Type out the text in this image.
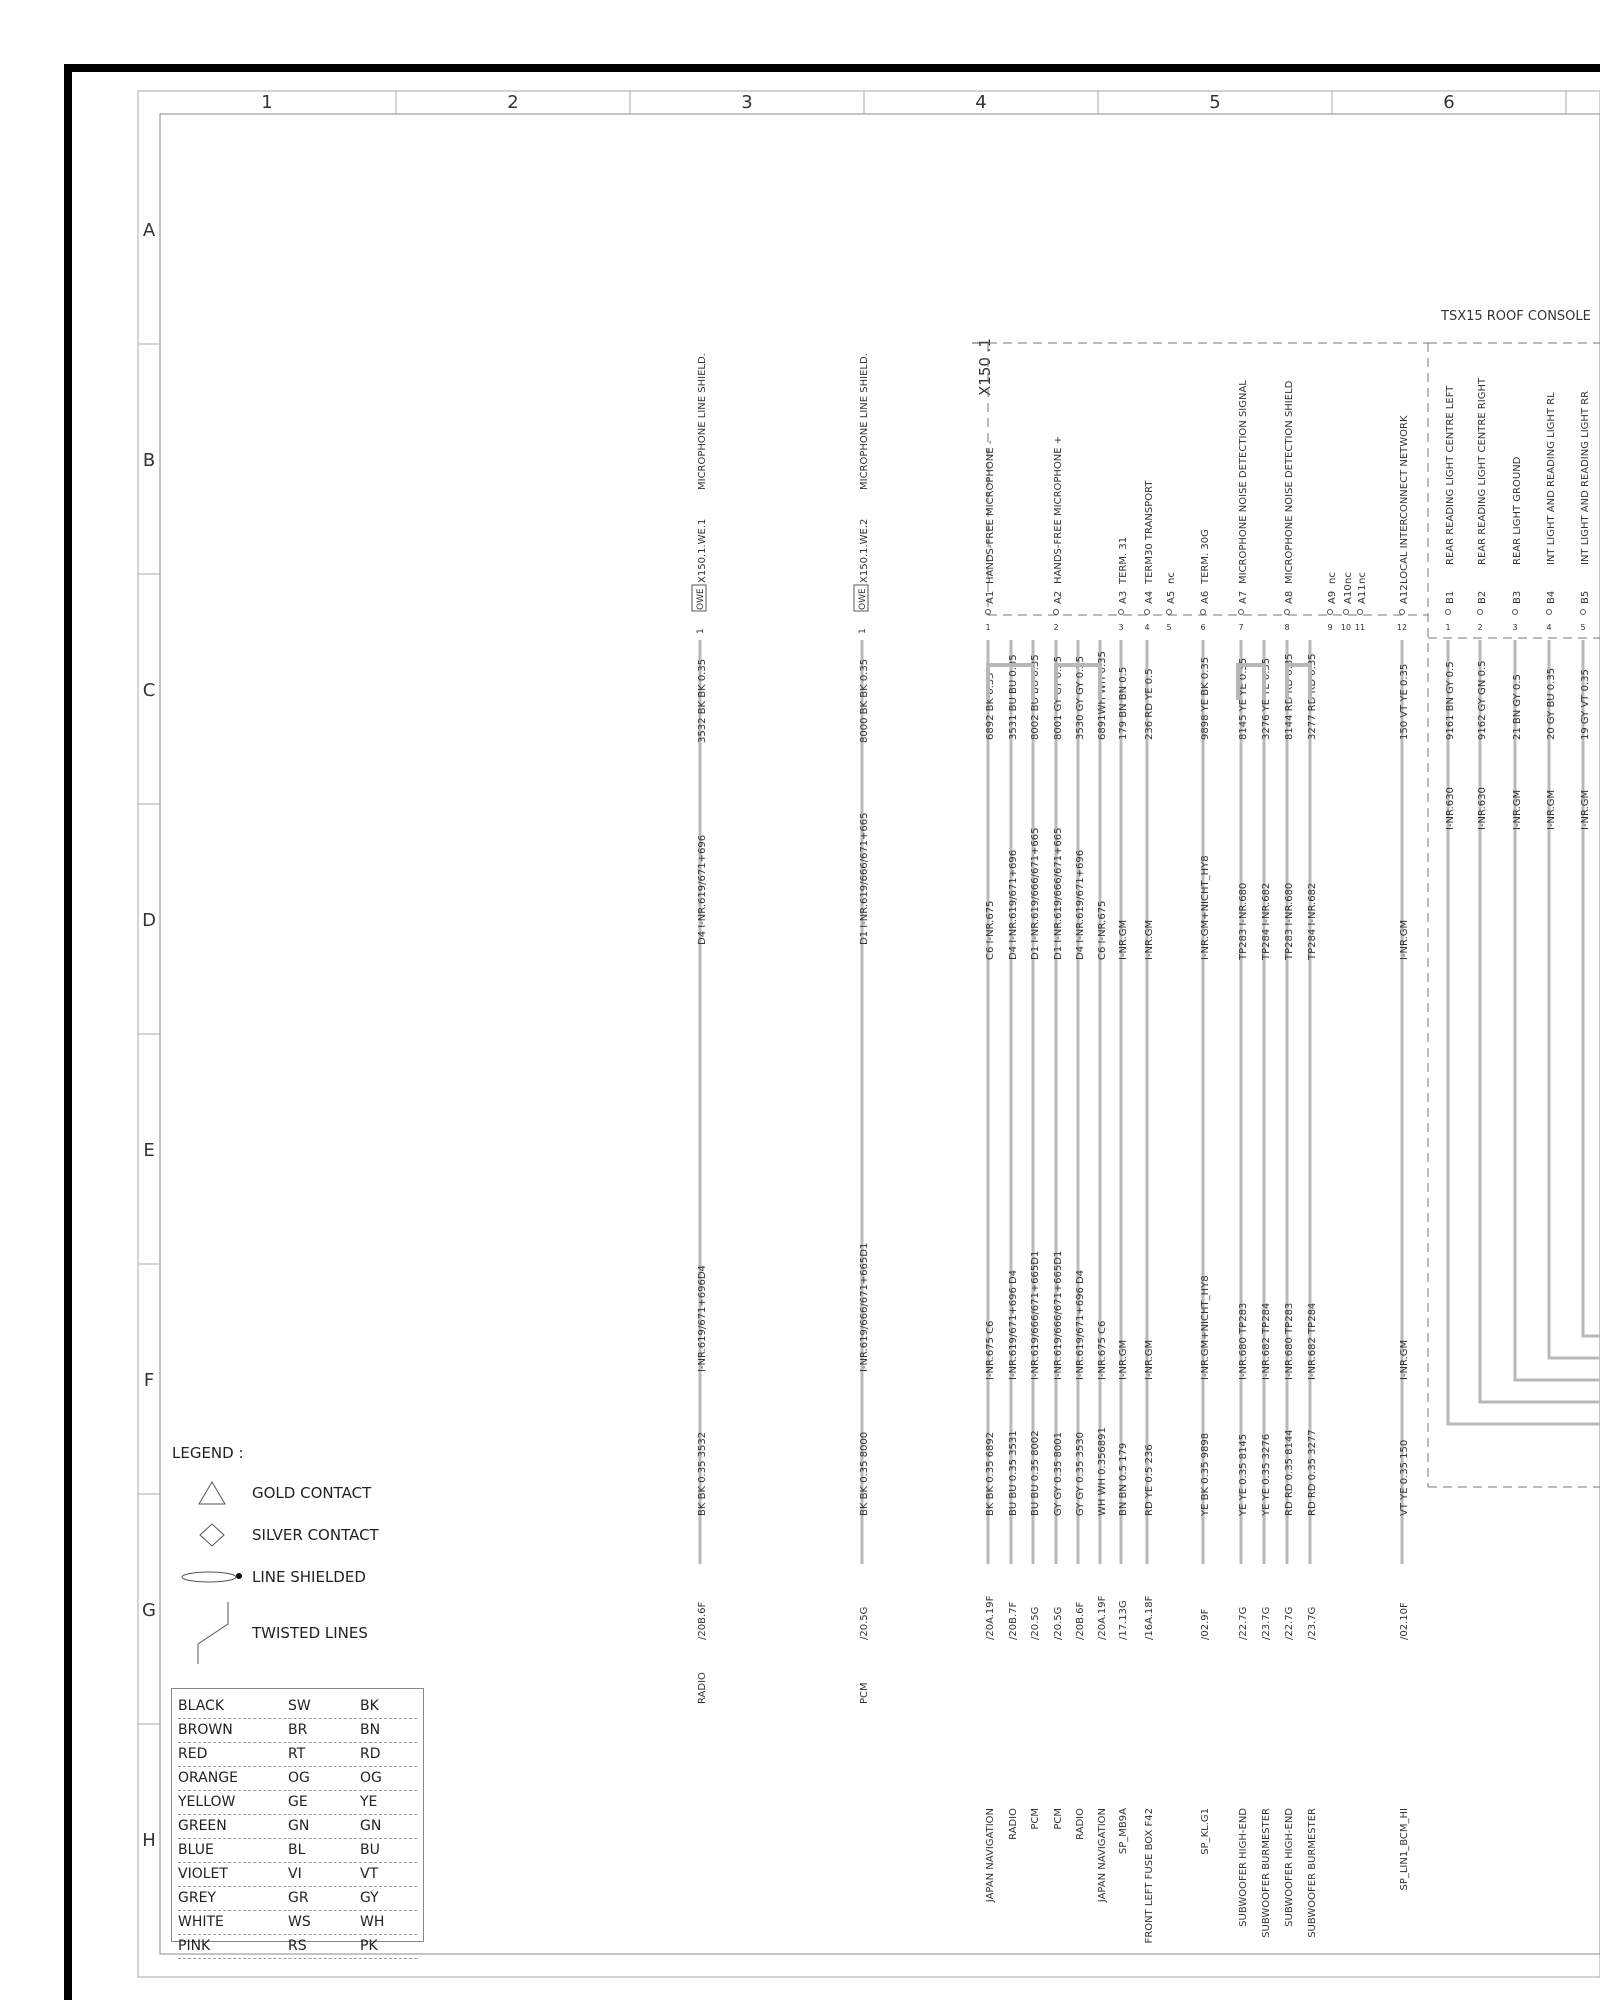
1	2	3	4	5	6
A
B
C
D
E
F
G
H
TSX15 ROOF CONSOLE
X150 .1
MICROPHONE LINE SHIELD.
OWE
X150.1.WE.1
1
3532 BK BK 0.35
D4 I-NR.619/671+696
I-NR.619/671+696D4
BK BK 0.35 3532
/20B.6F
RADIO
MICROPHONE LINE SHIELD.
OWE
X150.1.WE.2
1
8000 BK BK 0.35
D1 I-NR.619/666/671+665
I-NR.619/666/671+665D1
BK BK 0.35 8000
/20.5G
PCM
HANDS-FREE MICROPHONE -
A1
1
6892 BK 0.35
C6 I-NR.675
I-NR.675 C6
BK BK 0.35 6892
/20A.19F
JAPAN NAVIGATION
3531 BU BU 0.35
D4 I-NR.619/671+696
I-NR.619/671+696 D4
BU BU 0.35 3531
/20B.7F
RADIO
8002 BU BU 0.35
D1 I-NR.619/666/671+665
I-NR.619/666/671+665D1
BU BU 0.35 8002
/20.5G
PCM
HANDS-FREE MICROPHONE +
A2
2
8001 GY GY 0.35
D1 I-NR.619/666/671+665
I-NR.619/666/671+665D1
GY GY 0.35 8001
/20.5G
PCM
3530 GY GY 0.35
D4 I-NR.619/671+696
I-NR.619/671+696 D4
GY GY 0.35 3530
/20B.6F
RADIO
6891WH WH 0.35
C6 I-NR.675
I-NR.675 C6
WH WH 0.356891
/20A.19F
JAPAN NAVIGATION
TERM. 31
A3
3
179 BN BN 0.5
I-NR.GM
I-NR.GM
BN BN 0.5 179
/17.13G
SP_MB9A
TERM30 TRANSPORT
A4
4
236 RD YE 0.5
I-NR.GM
I-NR.GM
RD YE 0.5 236
/16A.18F
FRONT LEFT FUSE BOX F42
nc
A5
5
TERM. 30G
A6
6
9898 YE BK 0.35
I-NR.GM+NICHT_HY8
I-NR.GM+NICHT_HY8
YE BK 0.35 9898
/02.9F
SP_KL.G1
MICROPHONE NOISE DETECTION SIGNAL
A7
7
8145 YE YE 0.35
TP283 I-NR.680
I-NR.680 TP283
YE YE 0.35 8145
/22.7G
SUBWOOFER HIGH-END
3276 YE YE 0.35
TP284 I-NR.682
I-NR.682 TP284
YE YE 0.35 3276
/23.7G
SUBWOOFER BURMESTER
MICROPHONE NOISE DETECTION SHIELD
A8
8
8144 RD RD 0.35
TP283 I-NR.680
I-NR.680 TP283
RD RD 0.35 8144
/22.7G
SUBWOOFER HIGH-END
3277 RD RD 0.35
TP284 I-NR.682
I-NR.682 TP284
RD RD 0.35 3277
/23.7G
SUBWOOFER BURMESTER
nc
A9
9
nc
A10
10
nc
A11
11
LOCAL INTERCONNECT NETWORK
A12
12
150 VT YE 0.35
I-NR.GM
I-NR.GM
VT YE 0.35 150
/02.10F
SP_LIN1_BCM_HI
REAR READING LIGHT CENTRE LEFT
B1
1
9161 BN GY 0.5
I-NR.630
REAR READING LIGHT CENTRE RIGHT
B2
2
9162 GY GN 0.5
I-NR.630
REAR LIGHT GROUND
B3
3
21 BN GY 0.5
I-NR.GM
INT LIGHT AND READING LIGHT RL
B4
4
20 GY BU 0.35
I-NR.GM
INT LIGHT AND READING LIGHT RR
B5
5
19 GY VT 0.35
I-NR.GM
LEGEND :
GOLD CONTACT
SILVER CONTACT
LINE SHIELDED
TWISTED LINES
BLACK	SW	BK
BROWN	BR	BN
RED	RT	RD
ORANGE	OG	OG
YELLOW	GE	YE
GREEN	GN	GN
BLUE	BL	BU
VIOLET	VI	VT
GREY	GR	GY
WHITE	WS	WH
PINK	RS	PK
